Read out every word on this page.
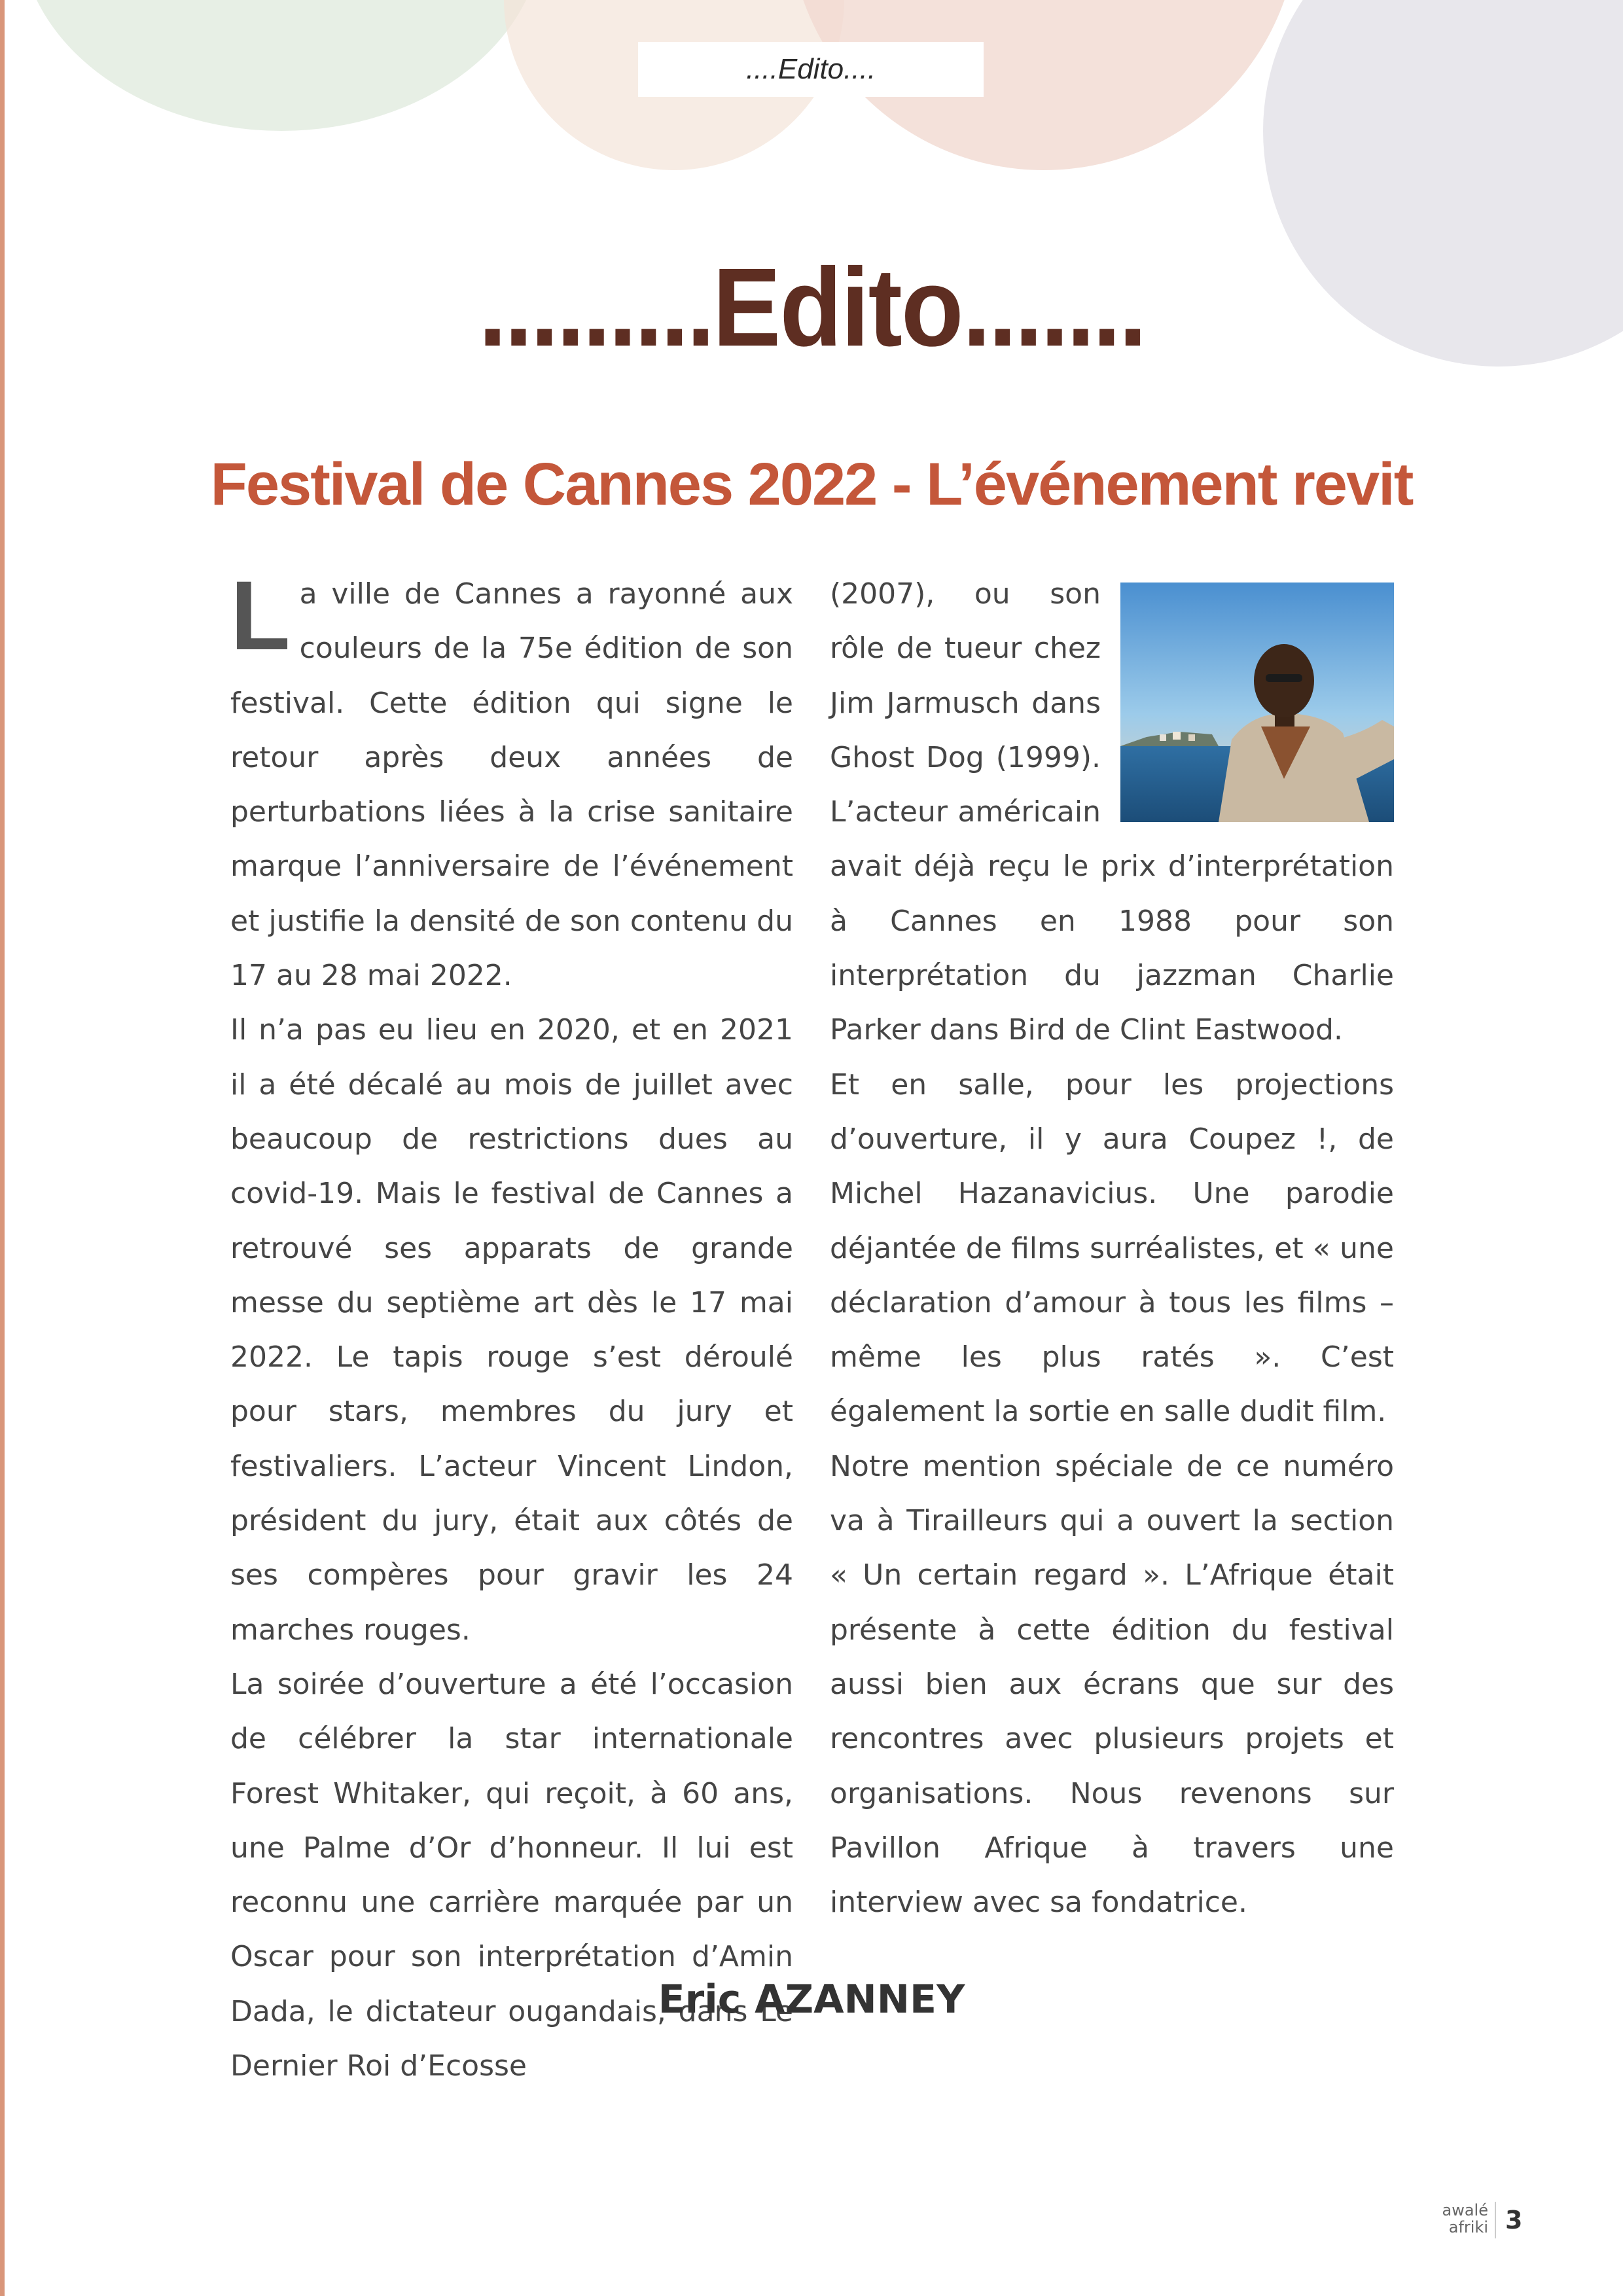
....Edito....
.........Edito.......
Festival de Cannes 2022 - L’événement revit

La ville de Cannes a rayonné aux couleurs de la 75e édition de son festival. Cette édition qui signe le retour après deux années de perturbations liées à la crise sanitaire marque l’anniversaire de l’événement et justifie la densité de son contenu du 17 au 28 mai 2022.

Il n’a pas eu lieu en 2020, et en 2021 il a été décalé au mois de juillet avec beaucoup de restrictions dues au covid-19. Mais le festival de Cannes a retrouvé ses apparats de grande messe du septième art dès le 17 mai 2022. Le tapis rouge s’est déroulé pour stars, membres du jury et festivaliers. L’acteur Vincent Lindon, président du jury, était aux côtés de ses compères pour gravir les 24 marches rouges.

La soirée d’ouverture a été l’occasion de célébrer la star internationale Forest Whitaker, qui reçoit, à 60 ans, une Palme d’Or d’honneur. Il lui est reconnu une carrière marquée par un Oscar pour son interprétation d’Amin Dada, le dictateur ougandais, dans Le Dernier Roi d’Ecosse

(2007), ou son rôle de tueur chez Jim Jarmusch dans Ghost Dog (1999). L’acteur américain avait déjà reçu le prix d’interprétation à Cannes en 1988 pour son interprétation du jazzman Charlie Parker dans Bird de Clint Eastwood.

Et en salle, pour les projections d’ouverture, il y aura Coupez !, de Michel Hazanavicius. Une parodie déjantée de films surréalistes, et « une déclaration d’amour à tous les films – même les plus ratés ». C’est également la sortie en salle dudit film.

Notre mention spéciale de ce numéro va à Tirailleurs qui a ouvert la section « Un certain regard ». L’Afrique était présente à cette édition du festival aussi bien aux écrans que sur des rencontres avec plusieurs projets et organisations. Nous revenons sur Pavillon Afrique à travers une interview avec sa fondatrice.

Eric AZANNEY
awalé
afriki 3
